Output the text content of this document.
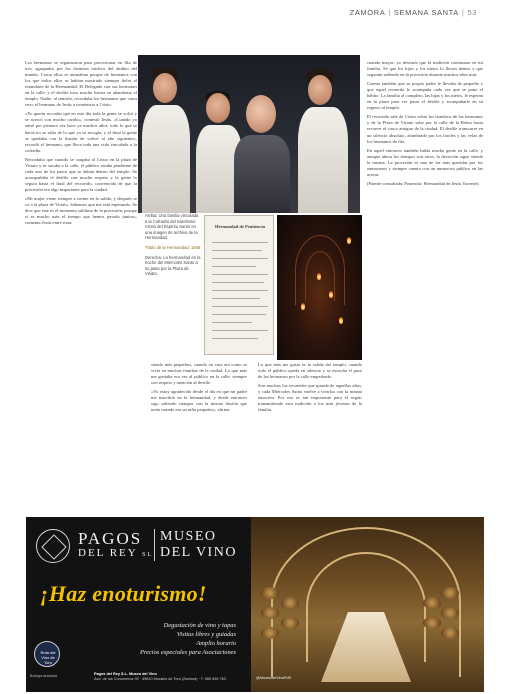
ZAMORA | SEMANA SANTA | 53

Los hermanos se organizaron para procesionar en fila de tres, agrupados por los distintos núcleos del ámbito del mundo. Como ellos se animaban porque de hermanos con los que todos ellos se habían mostrado siempre fieles al estandarte de la Hermandad. El Delegado con sus hermanos en la calle, y el desfile tuvo mucha fuerza en abandonar el templo. Nadie, al sentirlo, recordaba los hermanos que «otra vez» el hermano de Jesús a comienzar a Cristo.

«Yo quería recordar que en este día toda la gente se volcó y se acercó con mucho cariño», contestó Jesús. «Cuando yo entré por primera vez hace ya muchos años, todo lo que se hacía no se salía de lo que ya se recogía, y al final la gente se quedaba con la ilusión de volver al año siguiente», recordó el hermano, que lleva toda una vida vinculada a la cofradía.

Recordaba que cuando se cargaba al Cristo en la plaza de Viriato y se sacaba a la calle, el público estaba pendiente de cada uno de los pasos que se daban dentro del templo. Se acompañaba el desfile con mucho respeto y la gente lo seguía hasta el final del recorrido, convencida de que la procesión era algo importante para la ciudad.

«Mi mujer viene siempre a verme en la salida, y después se va a la plaza de Viriato. Sabemos que me está esperando. Se dice que este es el momento sublime de la procesión, porque si es mucho más el tiempo que hemos pasado juntos», comenta Jesús entre risas.

Arriba: Una familia vinculada a la Cofradía del Santísimo Cristo del Espíritu Santo en una imagen de archivo de la Hermandad.

Título de la Hermandad. 1948

Derecha: La hermandad en la noche del Miércoles Santo a su paso por la Plaza de Viriato.

Hermandad de Penitencia

siendo más pequeños, cuando en casa era como se vivía en muchas familias de la ciudad. Lo que más me gustaba era ver al público en la calle, siempre con respeto y atención al desfile.

«Yo estoy agradecido desde el día en que mi padre me inscribió en la hermandad, y desde entonces sigo saliendo siempre con la misma ilusión que tenía cuando era un niño pequeño», afirma.

Lo que más me gusta es la salida del templo, cuando todo el público queda en silencio y se escucha el paso de los hermanos por la calle empedrada.

Son muchos los recuerdos que guarda de aquellos años, y cada Miércoles Santo vuelve a vivirlos con la misma emoción. Por eso es tan importante para él seguir transmitiendo esta tradición a los más jóvenes de la familia.

cuando mayor, yo desearía que la tradición continuase en mi familia. Sé que los hijos y los nietos lo llevan dentro y que seguirán saliendo en la procesión durante muchos años más.

Cuenta también que su propio padre le llevaba de pequeño y que aquel recuerdo le acompaña cada vez que se pone el hábito. La familia al completo, las hijas y los nietos, le esperan en la plaza para ver pasar el desfile y acompañarle en su regreso al templo.

El recorrido sale de Cristo sobre los hombros de los hermanos y de la Plaza de Viriato sube por la calle de la Reina hasta recorrer el casco antiguo de la ciudad. El desfile transcurre en un silencio absoluto, alumbrado por los faroles y las velas de los hermanos de fila.

En aquel entonces también había mucha gente en la calle, y aunque ahora los tiempos son otros, la devoción sigue siendo la misma. La procesión es una de las más queridas por los zamoranos y siempre cuenta con un numeroso público en las aceras.

(Fuente consultada: Ponencia: Hermandad de Jesús Yacente).

PAGOS
DEL REY SL
MUSEO
DEL VINO
¡Haz enoturismo!
Degustación de vino y tapas
Visitas libres y guiadas
Amplio horario
Precios especiales para Asociaciones
Ruta del Vino de Toro
Bodega asociada	Pagos del Rey S.L. Museo del Vino
Avd. de los Comuneros 90 · 49810 Morales de Toro (Zamora) · T. 980 696 763	@MuseodelVinoPdR
